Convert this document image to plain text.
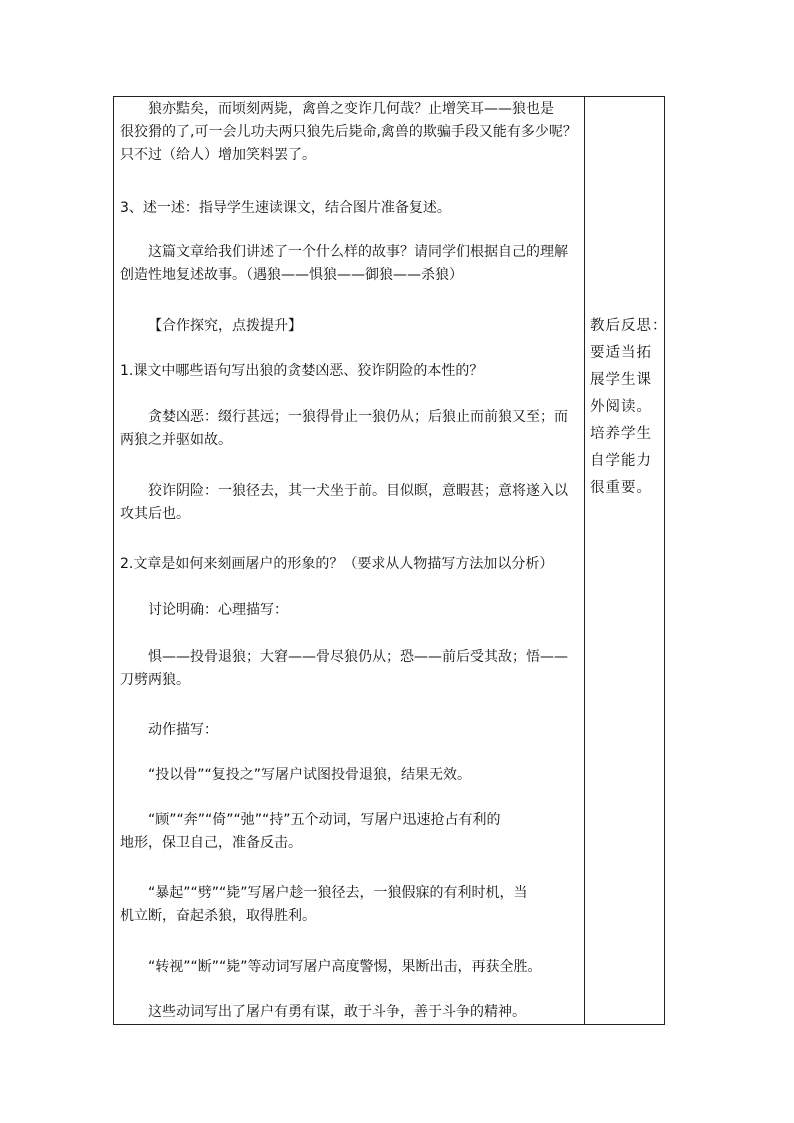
狼亦黠矣，而顷刻两毙，禽兽之变诈几何哉？止增笑耳——狼也是
很狡猾的了,可一会儿功夫两只狼先后毙命,禽兽的欺骗手段又能有多少呢？
只不过（给人）增加笑料罢了。
3、述一述：指导学生速读课文，结合图片准备复述。
这篇文章给我们讲述了一个什么样的故事？请同学们根据自己的理解
创造性地复述故事。（遇狼——惧狼——御狼——杀狼）
【合作探究，点拨提升】
1.课文中哪些语句写出狼的贪婪凶恶、狡诈阴险的本性的？
贪婪凶恶：缀行甚远；一狼得骨止一狼仍从；后狼止而前狼又至；而
两狼之并驱如故。
狡诈阴险：一狼径去，其一犬坐于前。目似瞑，意暇甚；意将遂入以
攻其后也。
2.文章是如何来刻画屠户的形象的？（要求从人物描写方法加以分析）
讨论明确：心理描写：
惧——投骨退狼；大窘——骨尽狼仍从；恐——前后受其敌；悟——
刀劈两狼。
动作描写：
“投以骨”“复投之”写屠户试图投骨退狼，结果无效。
“顾”“奔”“倚”“弛”“持”五个动词，写屠户迅速抢占有利的
地形，保卫自己，准备反击。
“暴起”“劈”“毙”写屠户趁一狼径去，一狼假寐的有利时机，当
机立断，奋起杀狼，取得胜利。
“转视”“断”“毙”等动词写屠户高度警惕，果断出击，再获全胜。
这些动词写出了屠户有勇有谋，敢于斗争，善于斗争的精神。
教后反思：
要适当拓
展学生课
外阅读。
培养学生
自学能力
很重要。
